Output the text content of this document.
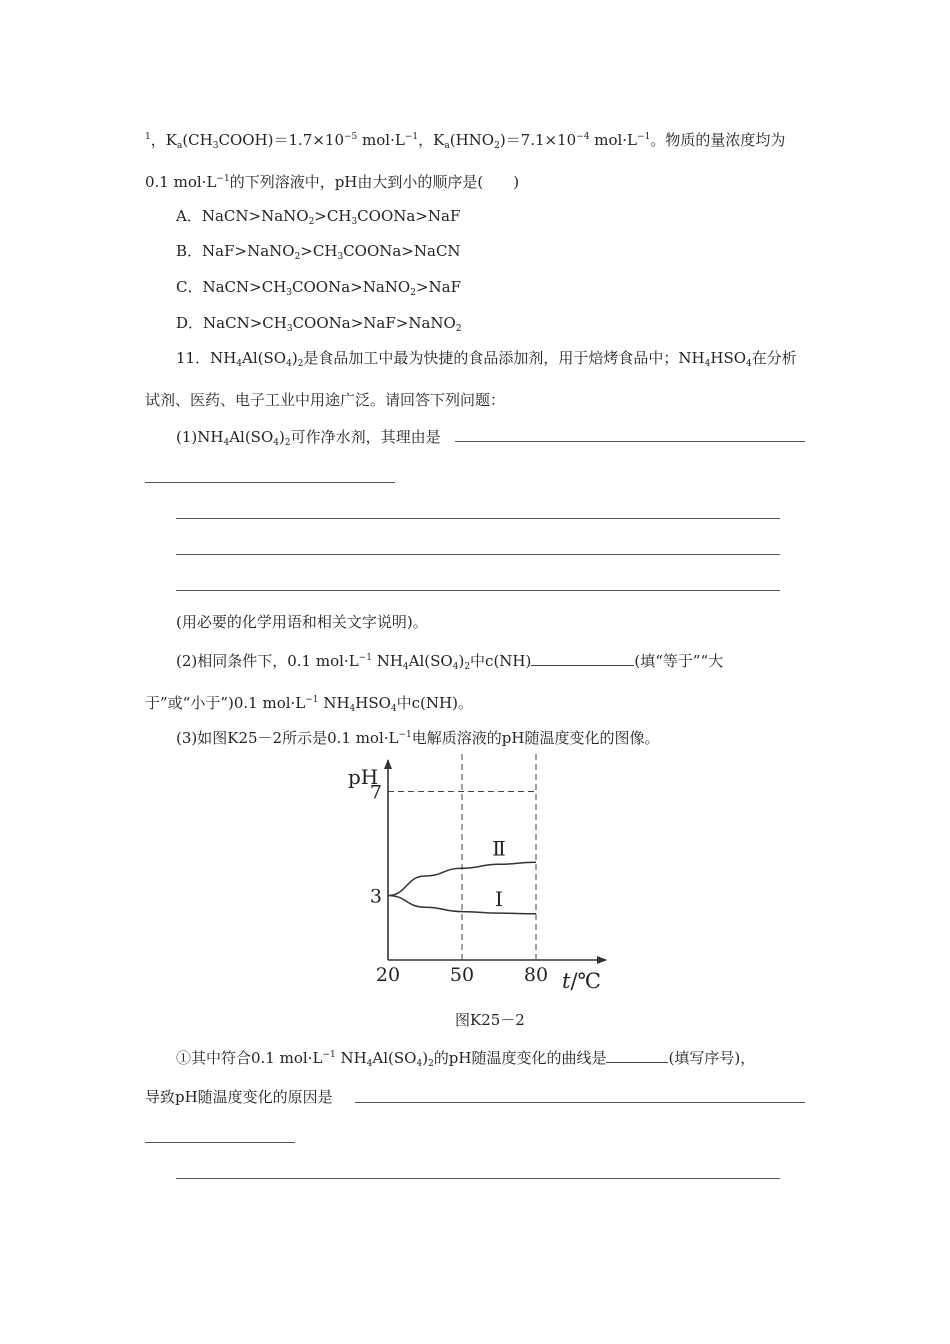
$^1$，$K_a(CH_3COOH)=1.7\times 10^{-5}$ $mol\cdot L^{-1}$，$K_a(HNO_2)=7.1\times 10^{-4}$ $mol\cdot L^{-1}$。物质的量浓度均为
0.1 $mol\cdot L^{-1}$的下列溶液中，pH由大到小的顺序是(　　)
A．$NaCN>NaNO_2>CH_3COONa>NaF$
B．$NaF>NaNO_2>CH_3COONa>NaCN$
C．$NaCN>CH_3COONa>NaNO_2>NaF$
D．$NaCN>CH_3COONa>NaF>NaNO_2$
11．$NH_4Al(SO_4)_2$是食品加工中最为快捷的食品添加剂，用于焙烤食品中；$NH_4HSO_4$在分析
试剂、医药、电子工业中用途广泛。请回答下列问题：
$(1)NH_4Al(SO_4)_2$可作净水剂，其理由是
(用必要的化学用语和相关文字说明)。
(2)相同条件下，0.1 $mol\cdot L^{-1}$ $NH_4Al(SO_4)_2$中c(NH)	(填“等于”“大
于”或“小于”)0.1 $mol\cdot L^{-1}$ $NH_4HSO_4$中c(NH)。
(3)如图K25－2所示是0.1 $mol\cdot L^{-1}$电解质溶液的pH随温度变化的图像。
Ⅱ
Ⅰ
3
7
20	50	80
pH
t/℃
图K25－2
①其中符合0.1 $mol\cdot L^{-1}$ $NH_4Al(SO_4)_2$的pH随温度变化的曲线是	(填写序号)，
导致pH随温度变化的原因是
